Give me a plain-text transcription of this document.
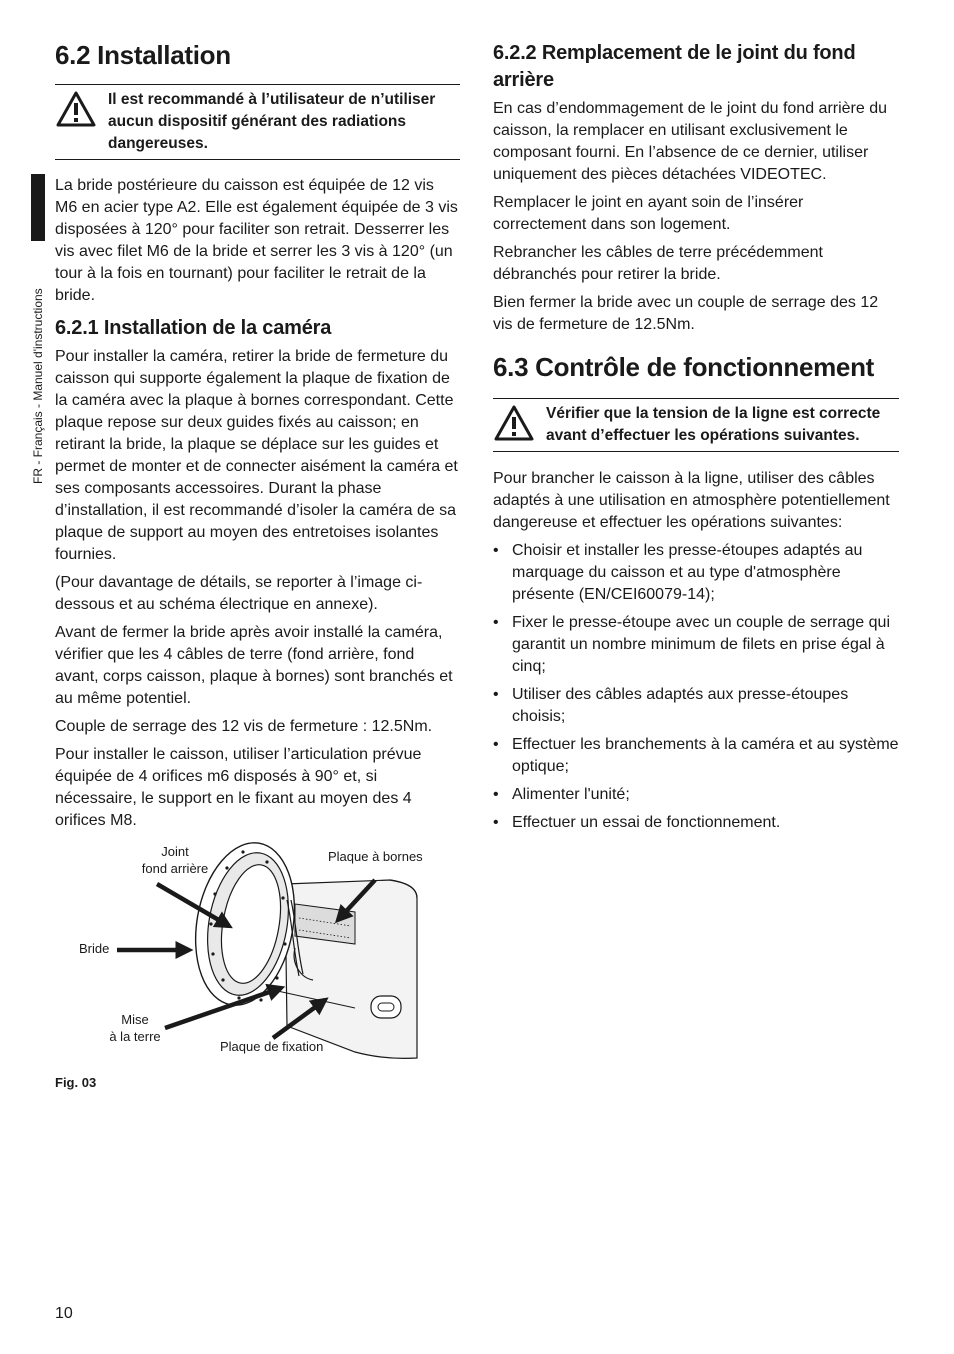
FR - Français - Manuel d'instructions
6.2 Installation
Il est recommandé à l’utilisateur de n’utiliser aucun dispositif générant des radiations dangereuses.

La bride postérieure du caisson est équipée de 12 vis M6 en acier type A2. Elle est également équipée de 3 vis disposées à 120° pour faciliter son retrait. Desserrer les vis avec filet M6 de la bride et serrer les 3 vis à 120° (un tour à la fois en tournant) pour faciliter le retrait de la bride.

6.2.1 Installation de la caméra

Pour installer la caméra, retirer la bride de fermeture du caisson qui supporte également la plaque de fixation de la caméra avec la plaque à bornes correspondant. Cette plaque repose sur deux guides fixés au caisson; en retirant la bride, la plaque se déplace sur les guides et permet de monter et de connecter aisément la caméra et ses composants accessoires. Durant la phase d’installation, il est recommandé d’isoler la caméra de sa plaque de support au moyen des entretoises isolantes fournies.

(Pour davantage de détails, se reporter à l’image ci-dessous et au schéma électrique en annexe).

Avant de fermer la bride après avoir installé la caméra, vérifier que les 4 câbles de terre (fond arrière, fond avant, corps caisson, plaque à bornes) sont branchés et au même potentiel.

Couple de serrage des 12 vis de fermeture : 12.5Nm.

Pour installer le caisson, utiliser l’articulation prévue équipée de 4 orifices m6 disposés à 90° et, si nécessaire, le support en le fixant au moyen des 4 orifices M8.

Joint
fond arrière
Plaque à bornes
Bride
Mise
à la terre
Plaque de fixation
Fig. 03
6.2.2 Remplacement de le joint du fond arrière

En cas d’endommagement de le joint du fond arrière du caisson, la remplacer en utilisant exclusivement le composant fourni. En l’absence de ce dernier, utiliser uniquement des pièces détachées VIDEOTEC.

Remplacer le joint en ayant soin de l’insérer correctement dans son logement.

Rebrancher les câbles de terre précédemment débranchés pour retirer la bride.

Bien fermer la bride avec un couple de serrage des 12 vis de fermeture de 12.5Nm.

6.3 Contrôle de fonctionnement
Vérifier que la tension de la ligne est correcte avant d’effectuer les opérations suivantes.

Pour brancher le caisson à la ligne, utiliser des câbles adaptés à une utilisation en atmosphère potentiellement dangereuse et effectuer les opérations suivantes:

• Choisir et installer les presse-étoupes adaptés au marquage du caisson et au type d'atmosphère présente (EN/CEI60079-14);
• Fixer le presse-étoupe avec un couple de serrage qui garantit un nombre minimum de filets en prise égal à cinq;
• Utiliser des câbles adaptés aux presse-étoupes choisis;
• Effectuer les branchements à la caméra et au système optique;
• Alimenter l'unité;
• Effectuer un essai de fonctionnement.
10
